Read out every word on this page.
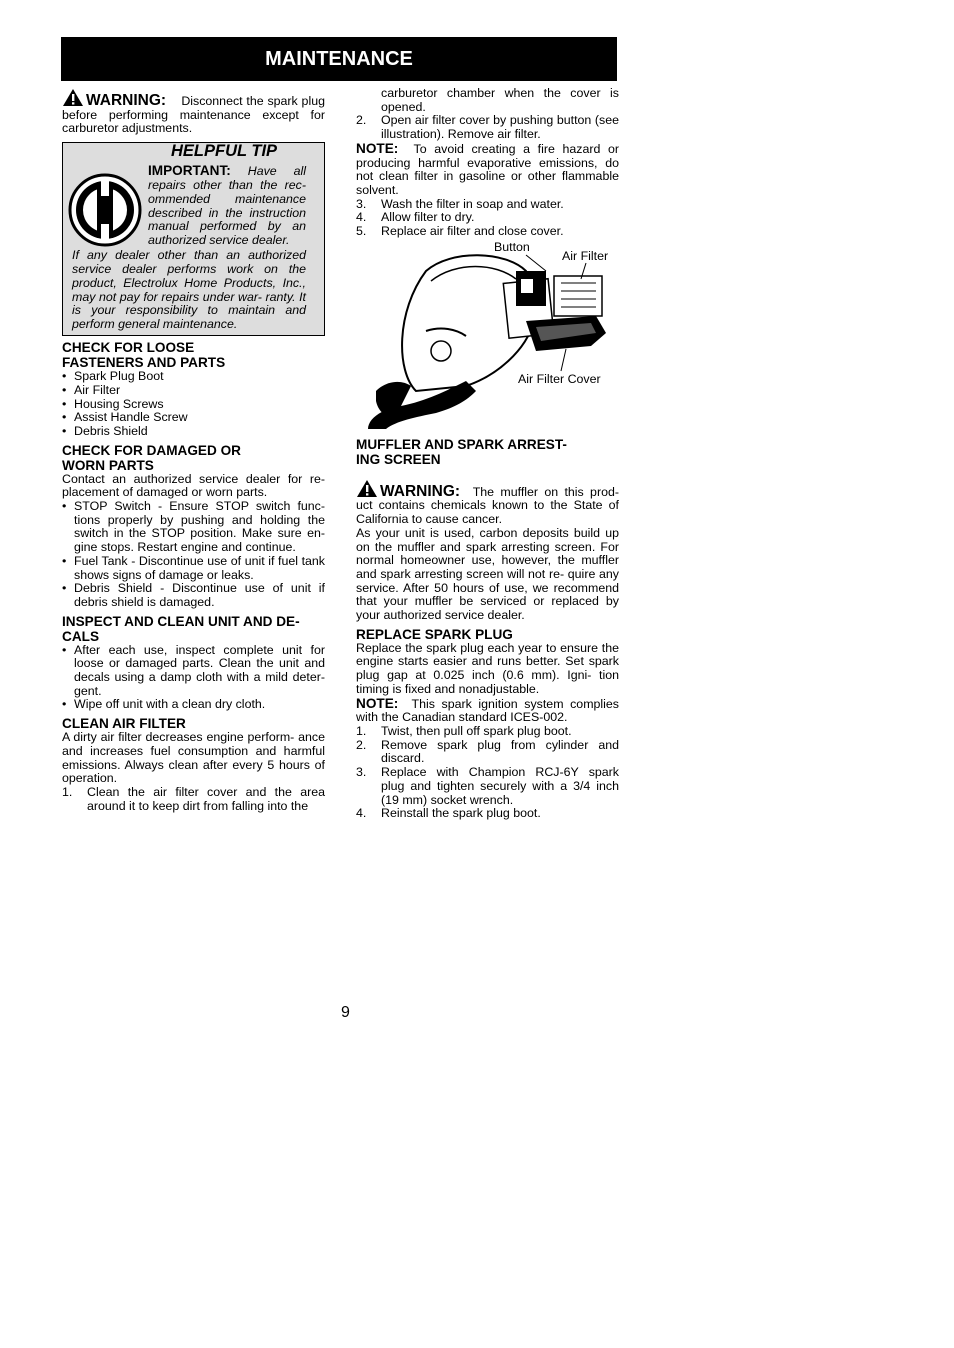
MAINTENANCE

WARNING: Disconnect the spark plug before performing maintenance except for carburetor adjustments.

HELPFUL TIP
IMPORTANT: Have all repairs other than the rec- ommended maintenance described in the instruction manual performed by an authorized service dealer.
If any dealer other than an authorized service dealer performs work on the product, Electrolux Home Products, Inc., may not pay for repairs under war- ranty. It is your responsibility to maintain and perform general maintenance.
CHECK FOR LOOSE FASTENERS AND PARTS
• Spark Plug Boot
• Air Filter
• Housing Screws
• Assist Handle Screw
• Debris Shield
CHECK FOR DAMAGED OR WORN PARTS

Contact an authorized service dealer for re- placement of damaged or worn parts.

• STOP Switch - Ensure STOP switch func- tions properly by pushing and holding the switch in the STOP position. Make sure en- gine stops. Restart engine and continue.
• Fuel Tank - Discontinue use of unit if fuel tank shows signs of damage or leaks.
• Debris Shield - Discontinue use of unit if debris shield is damaged.
INSPECT AND CLEAN UNIT AND DE- CALS
• After each use, inspect complete unit for loose or damaged parts. Clean the unit and decals using a damp cloth with a mild deter- gent.
• Wipe off unit with a clean dry cloth.
CLEAN AIR FILTER

A dirty air filter decreases engine perform- ance and increases fuel consumption and harmful emissions. Always clean after every 5 hours of operation.

1. Clean the air filter cover and the area around it to keep dirt from falling into the
carburetor chamber when the cover is opened.
2. Open air filter cover by pushing button (see illustration). Remove air filter.

NOTE: To avoid creating a fire hazard or producing harmful evaporative emissions, do not clean filter in gasoline or other flammable solvent.

3. Wash the filter in soap and water.
4. Allow filter to dry.
5. Replace air filter and close cover.
Button
Air Filter
Air Filter Cover
MUFFLER AND SPARK ARREST- ING SCREEN

WARNING: The muffler on this prod- uct contains chemicals known to the State of California to cause cancer.

As your unit is used, carbon deposits build up on the muffler and spark arresting screen. For normal homeowner use, however, the muffler and spark arresting screen will not re- quire any service. After 50 hours of use, we recommend that your muffler be serviced or replaced by your authorized service dealer.

REPLACE SPARK PLUG

Replace the spark plug each year to ensure the engine starts easier and runs better. Set spark plug gap at 0.025 inch (0.6 mm). Igni- tion timing is fixed and nonadjustable.

NOTE: This spark ignition system complies with the Canadian standard ICES-002.

1. Twist, then pull off spark plug boot.
2. Remove spark plug from cylinder and discard.
3. Replace with Champion RCJ-6Y spark plug and tighten securely with a 3/4 inch (19 mm) socket wrench.
4. Reinstall the spark plug boot.
9
